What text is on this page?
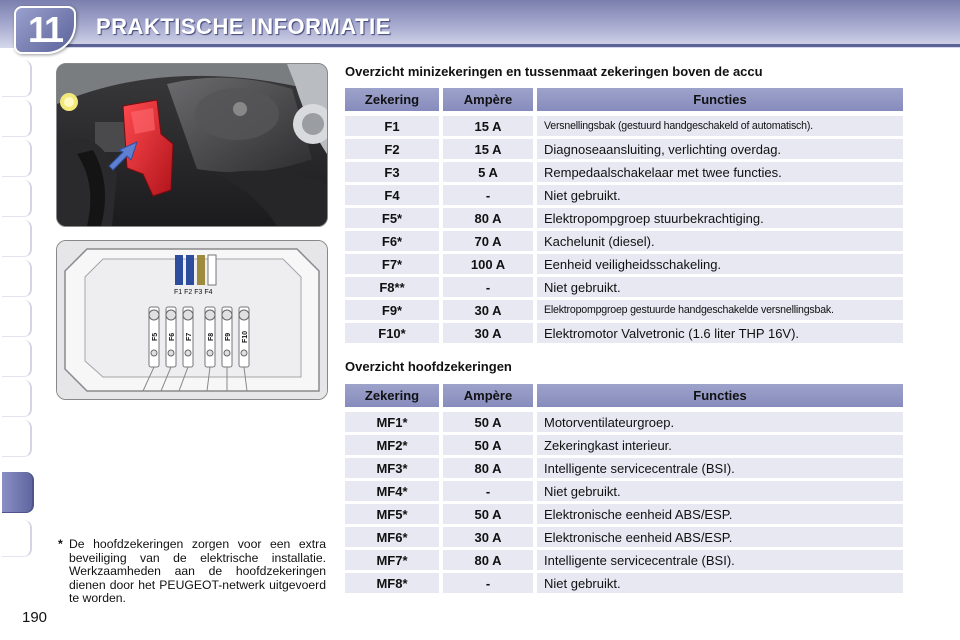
11	PRAKTISCHE INFORMATIE
190
F1 F2 F3 F4
F5 F6 F7 F8 F9 F10
* De hoofdzekeringen zorgen voor een extra beveiliging van de elektrische installatie. Werkzaamheden aan de hoofdzekeringen dienen door het PEUGEOT-netwerk uitgevoerd te worden.
Overzicht minizekeringen en tussenmaat zekeringen boven de accu
Zekering	Ampère	Functies
F1	15 A	Versnellingsbak (gestuurd handgeschakeld of automatisch).
F2	15 A	Diagnoseaansluiting, verlichting overdag.
F3	5 A	Rempedaalschakelaar met twee functies.
F4	-	Niet gebruikt.
F5*	80 A	Elektropompgroep stuurbekrachtiging.
F6*	70 A	Kachelunit (diesel).
F7*	100 A	Eenheid veiligheidsschakeling.
F8**	-	Niet gebruikt.
F9*	30 A	Elektropompgroep gestuurde handgeschakelde versnellingsbak.
F10*	30 A	Elektromotor Valvetronic (1.6 liter THP 16V).
Overzicht hoofdzekeringen
Zekering	Ampère	Functies
MF1*	50 A	Motorventilateurgroep.
MF2*	50 A	Zekeringkast interieur.
MF3*	80 A	Intelligente servicecentrale (BSI).
MF4*	-	Niet gebruikt.
MF5*	50 A	Elektronische eenheid ABS/ESP.
MF6*	30 A	Elektronische eenheid ABS/ESP.
MF7*	80 A	Intelligente servicecentrale (BSI).
MF8*	-	Niet gebruikt.
